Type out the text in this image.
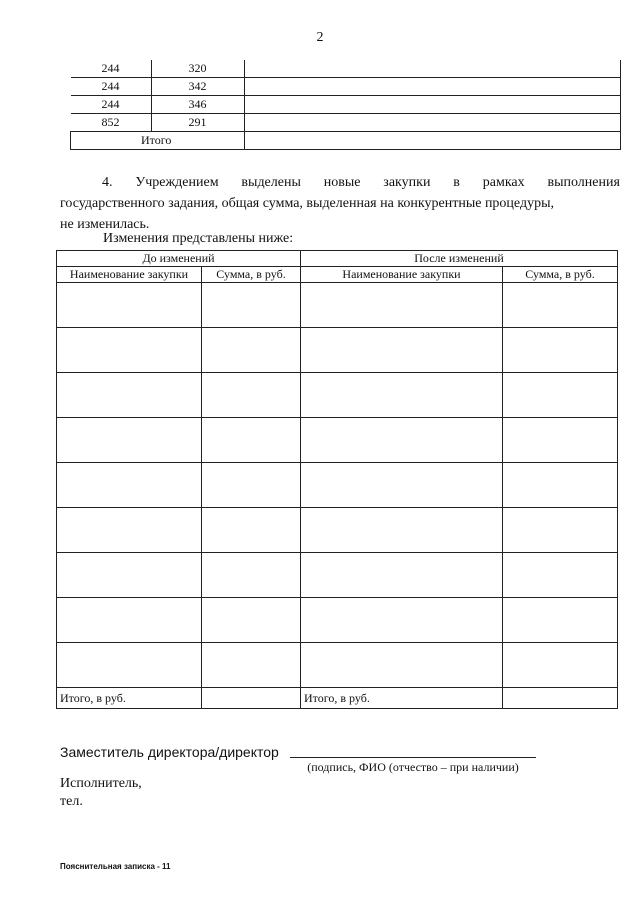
2
244	320	
244	342	
244	346	
852	291	
Итого		
4. Учреждением выделены новые закупки в рамках выполнения
государственного задания, общая сумма, выделенная на конкурентные процедуры,
не изменилась.
Изменения представлены ниже:
До изменений		После изменений	
Наименование закупки	Сумма, в руб.	Наименование закупки	Сумма, в руб.

Итого, в руб.		Итого, в руб.	
Заместитель директора/директор
(подпись, ФИО (отчество – при наличии)
Исполнитель,
тел.
Пояснительная записка - 11
